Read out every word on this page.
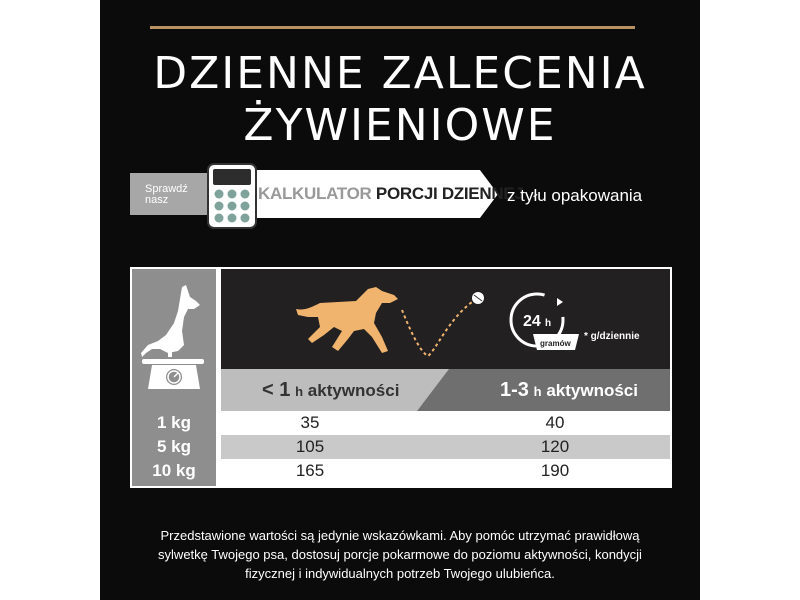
DZIENNE ZALECENIA
ŻYWIENIOWE
Sprawdź
nasz	KALKULATOR PORCJI DZIENNEJ
z tyłu opakowania
24 h
gramów
* g/dziennie
< 1 h aktywności	1-3 h aktywności
1 kg	35	40
5 kg	105	120
10 kg	165	190
Przedstawione wartości są jedynie wskazówkami. Aby pomóc utrzymać prawidłową
sylwetkę Twojego psa, dostosuj porcje pokarmowe do poziomu aktywności, kondycji
fizycznej i indywidualnych potrzeb Twojego ulubieńca.
